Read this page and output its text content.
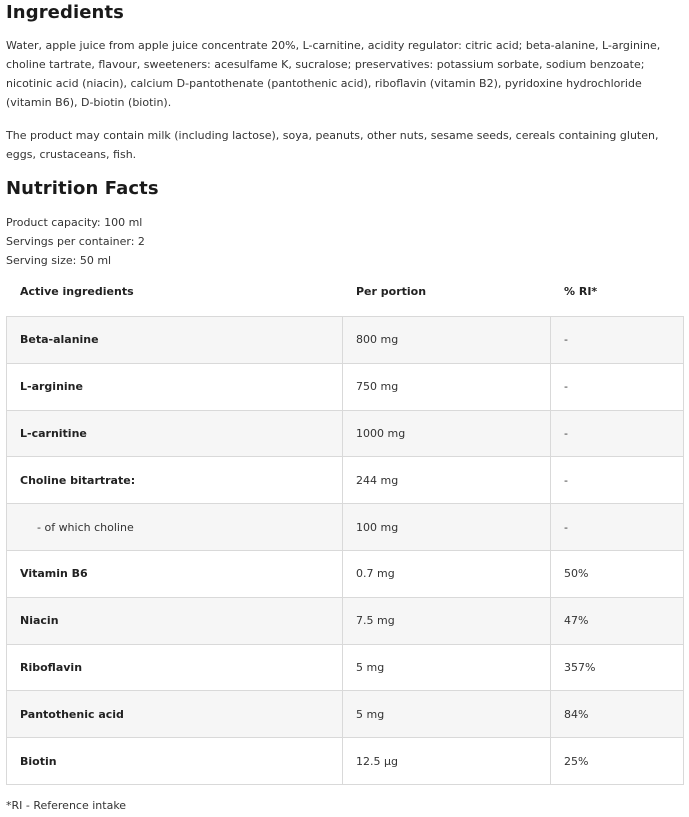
Ingredients

Water, apple juice from apple juice concentrate 20%, L-carnitine, acidity regulator: citric acid; beta-alanine, L-arginine, choline tartrate, flavour, sweeteners: acesulfame K, sucralose; preservatives: potassium sorbate, sodium benzoate; nicotinic acid (niacin), calcium D-pantothenate (pantothenic acid), riboflavin (vitamin B2), pyridoxine hydrochloride (vitamin B6), D-biotin (biotin).

The product may contain milk (including lactose), soya, peanuts, other nuts, sesame seeds, cereals containing gluten, eggs, crustaceans, fish.

Nutrition Facts
Product capacity: 100 ml
Servings per container: 2
Serving size: 50 ml
Active ingredients	Per portion	% RI*
Beta-alanine	800 mg	-
L-arginine	750 mg	-
L-carnitine	1000 mg	-
Choline bitartrate:	244 mg	-
- of which choline	100 mg	-
Vitamin B6	0.7 mg	50%
Niacin	7.5 mg	47%
Riboflavin	5 mg	357%
Pantothenic acid	5 mg	84%
Biotin	12.5 µg	25%
*RI - Reference intake
